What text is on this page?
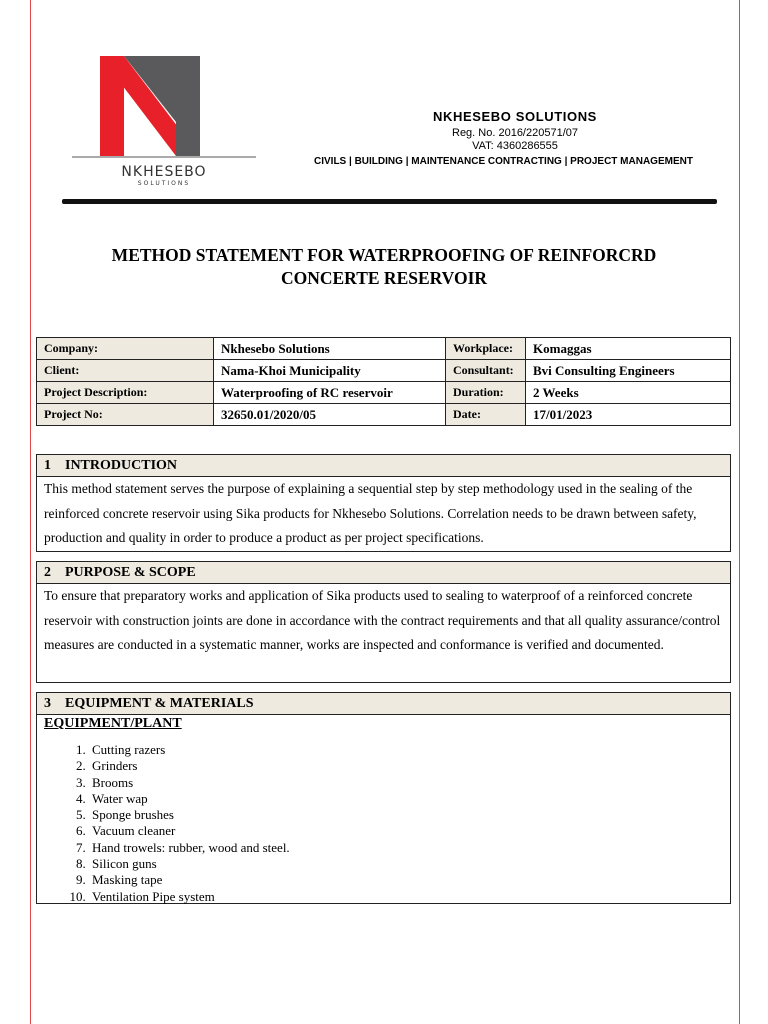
NKHESEBO
SOLUTIONS
NKHESEBO SOLUTIONS
Reg. No. 2016/220571/07
VAT: 4360286555
CIVILS | BUILDING | MAINTENANCE CONTRACTING | PROJECT MANAGEMENT
METHOD STATEMENT FOR WATERPROOFING OF REINFORCRD
CONCERTE RESERVOIR
Company:	Nkhesebo Solutions	Workplace:	Komaggas
Client:	Nama-Khoi Municipality	Consultant:	Bvi Consulting Engineers
Project Description:	Waterproofing of RC reservoir	Duration:	2 Weeks
Project No:	32650.01/2020/05	Date:	17/01/2023
1    INTRODUCTION
This method statement serves the purpose of explaining a sequential step by step methodology used in the sealing of the reinforced concrete reservoir using Sika products for Nkhesebo Solutions. Correlation needs to be drawn between safety, production and quality in order to produce a product as per project specifications.
2    PURPOSE & SCOPE
To ensure that preparatory works and application of Sika products used to sealing to waterproof of a reinforced concrete reservoir with construction joints are done in accordance with the contract requirements and that all quality assurance/control measures are conducted in a systematic manner, works are inspected and conformance is verified and documented.
3    EQUIPMENT & MATERIALS
EQUIPMENT/PLANT
1. Cutting razers
2. Grinders
3. Brooms
4. Water wap
5. Sponge brushes
6. Vacuum cleaner
7. Hand trowels: rubber, wood and steel.
8. Silicon guns
9. Masking tape
10. Ventilation Pipe system
